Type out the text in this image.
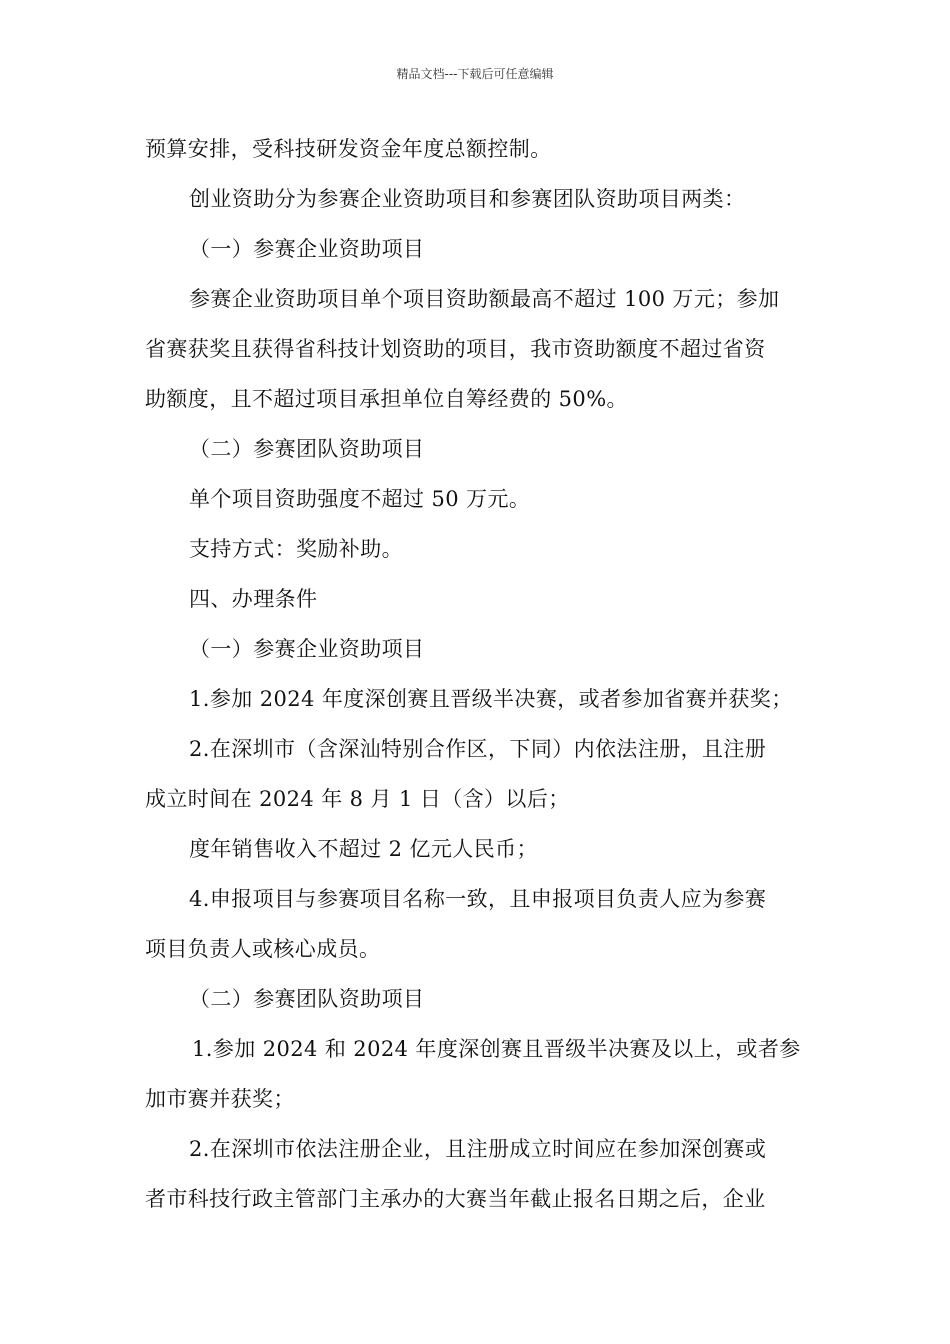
精品文档---下载后可任意编辑
预算安排，受科技研发资金年度总额控制。
创业资助分为参赛企业资助项目和参赛团队资助项目两类：
（一）参赛企业资助项目
参赛企业资助项目单个项目资助额最高不超过 100 万元；参加
省赛获奖且获得省科技计划资助的项目，我市资助额度不超过省资
助额度，且不超过项目承担单位自筹经费的 50%。
（二）参赛团队资助项目
单个项目资助强度不超过 50 万元。
支持方式：奖励补助。
四、办理条件
（一）参赛企业资助项目
1.参加 2024 年度深创赛且晋级半决赛，或者参加省赛并获奖；
2.在深圳市（含深汕特别合作区，下同）内依法注册，且注册
成立时间在 2024 年 8 月 1 日（含）以后；
度年销售收入不超过 2 亿元人民币；
4.申报项目与参赛项目名称一致，且申报项目负责人应为参赛
项目负责人或核心成员。
（二）参赛团队资助项目
1.参加 2024 和 2024 年度深创赛且晋级半决赛及以上，或者参
加市赛并获奖；
2.在深圳市依法注册企业，且注册成立时间应在参加深创赛或
者市科技行政主管部门主承办的大赛当年截止报名日期之后，企业
